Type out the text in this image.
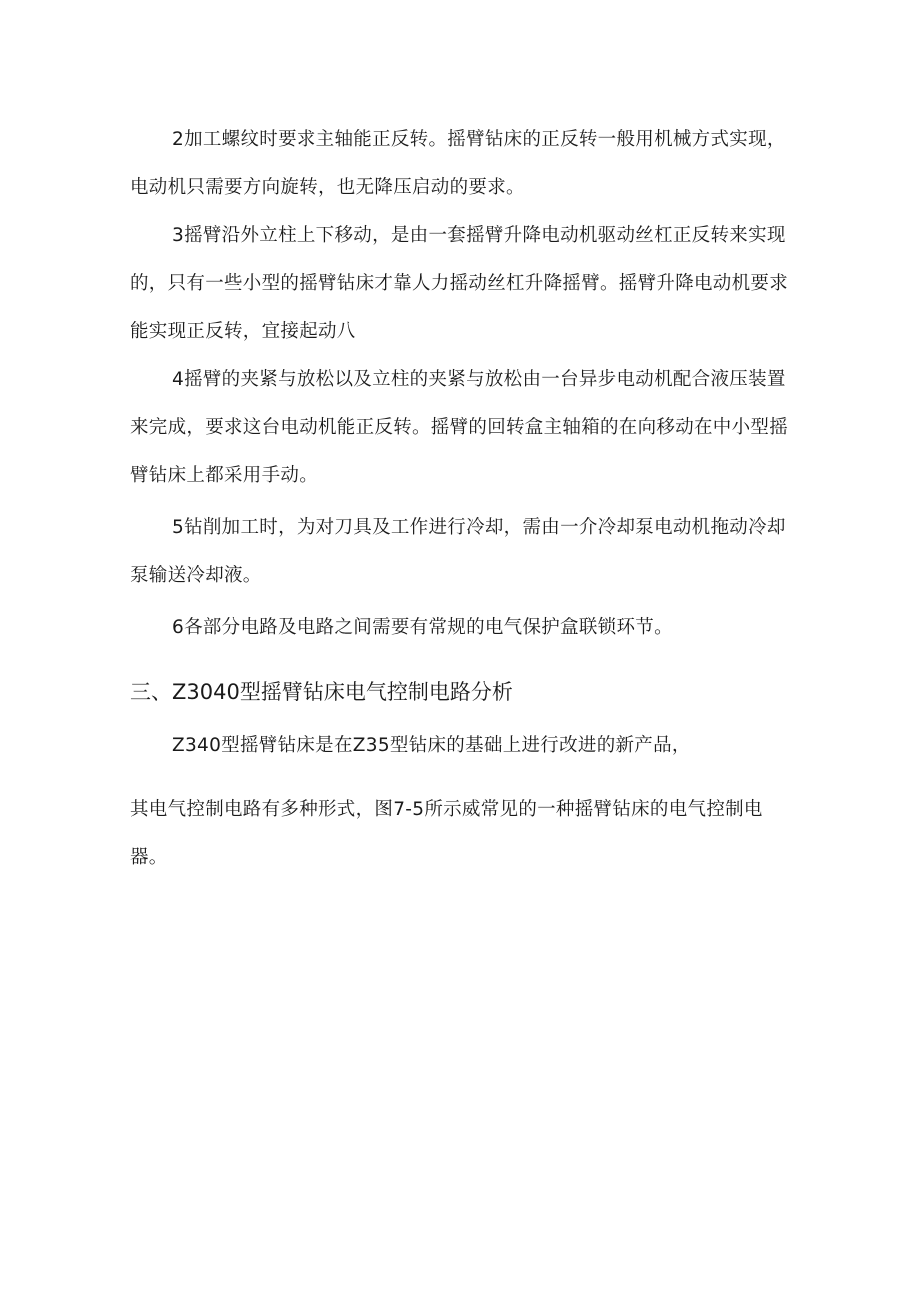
2加工螺纹时要求主轴能正反转。摇臂钻床的正反转一般用机械方式实现，电动机只需要方向旋转，也无降压启动的要求。

3摇臂沿外立柱上下移动，是由一套摇臂升降电动机驱动丝杠正反转来实现的，只有一些小型的摇臂钻床才靠人力摇动丝杠升降摇臂。摇臂升降电动机要求能实现正反转，宜接起动八

4摇臂的夹紧与放松以及立柱的夹紧与放松由一台异步电动机配合液压装置来完成，要求这台电动机能正反转。摇臂的回转盒主轴箱的在向移动在中小型摇臂钻床上都采用手动。

5钻削加工时，为对刀具及工作进行冷却，需由一介冷却泵电动机拖动冷却泵输送冷却液。

6各部分电路及电路之间需要有常规的电气保护盒联锁环节。

三、Z3040型摇臂钻床电气控制电路分析

Z340型摇臂钻床是在Z35型钻床的基础上进行改进的新产品，

其电气控制电路有多种形式，图7-5所示威常见的一种摇臂钻床的电气控制电器。
